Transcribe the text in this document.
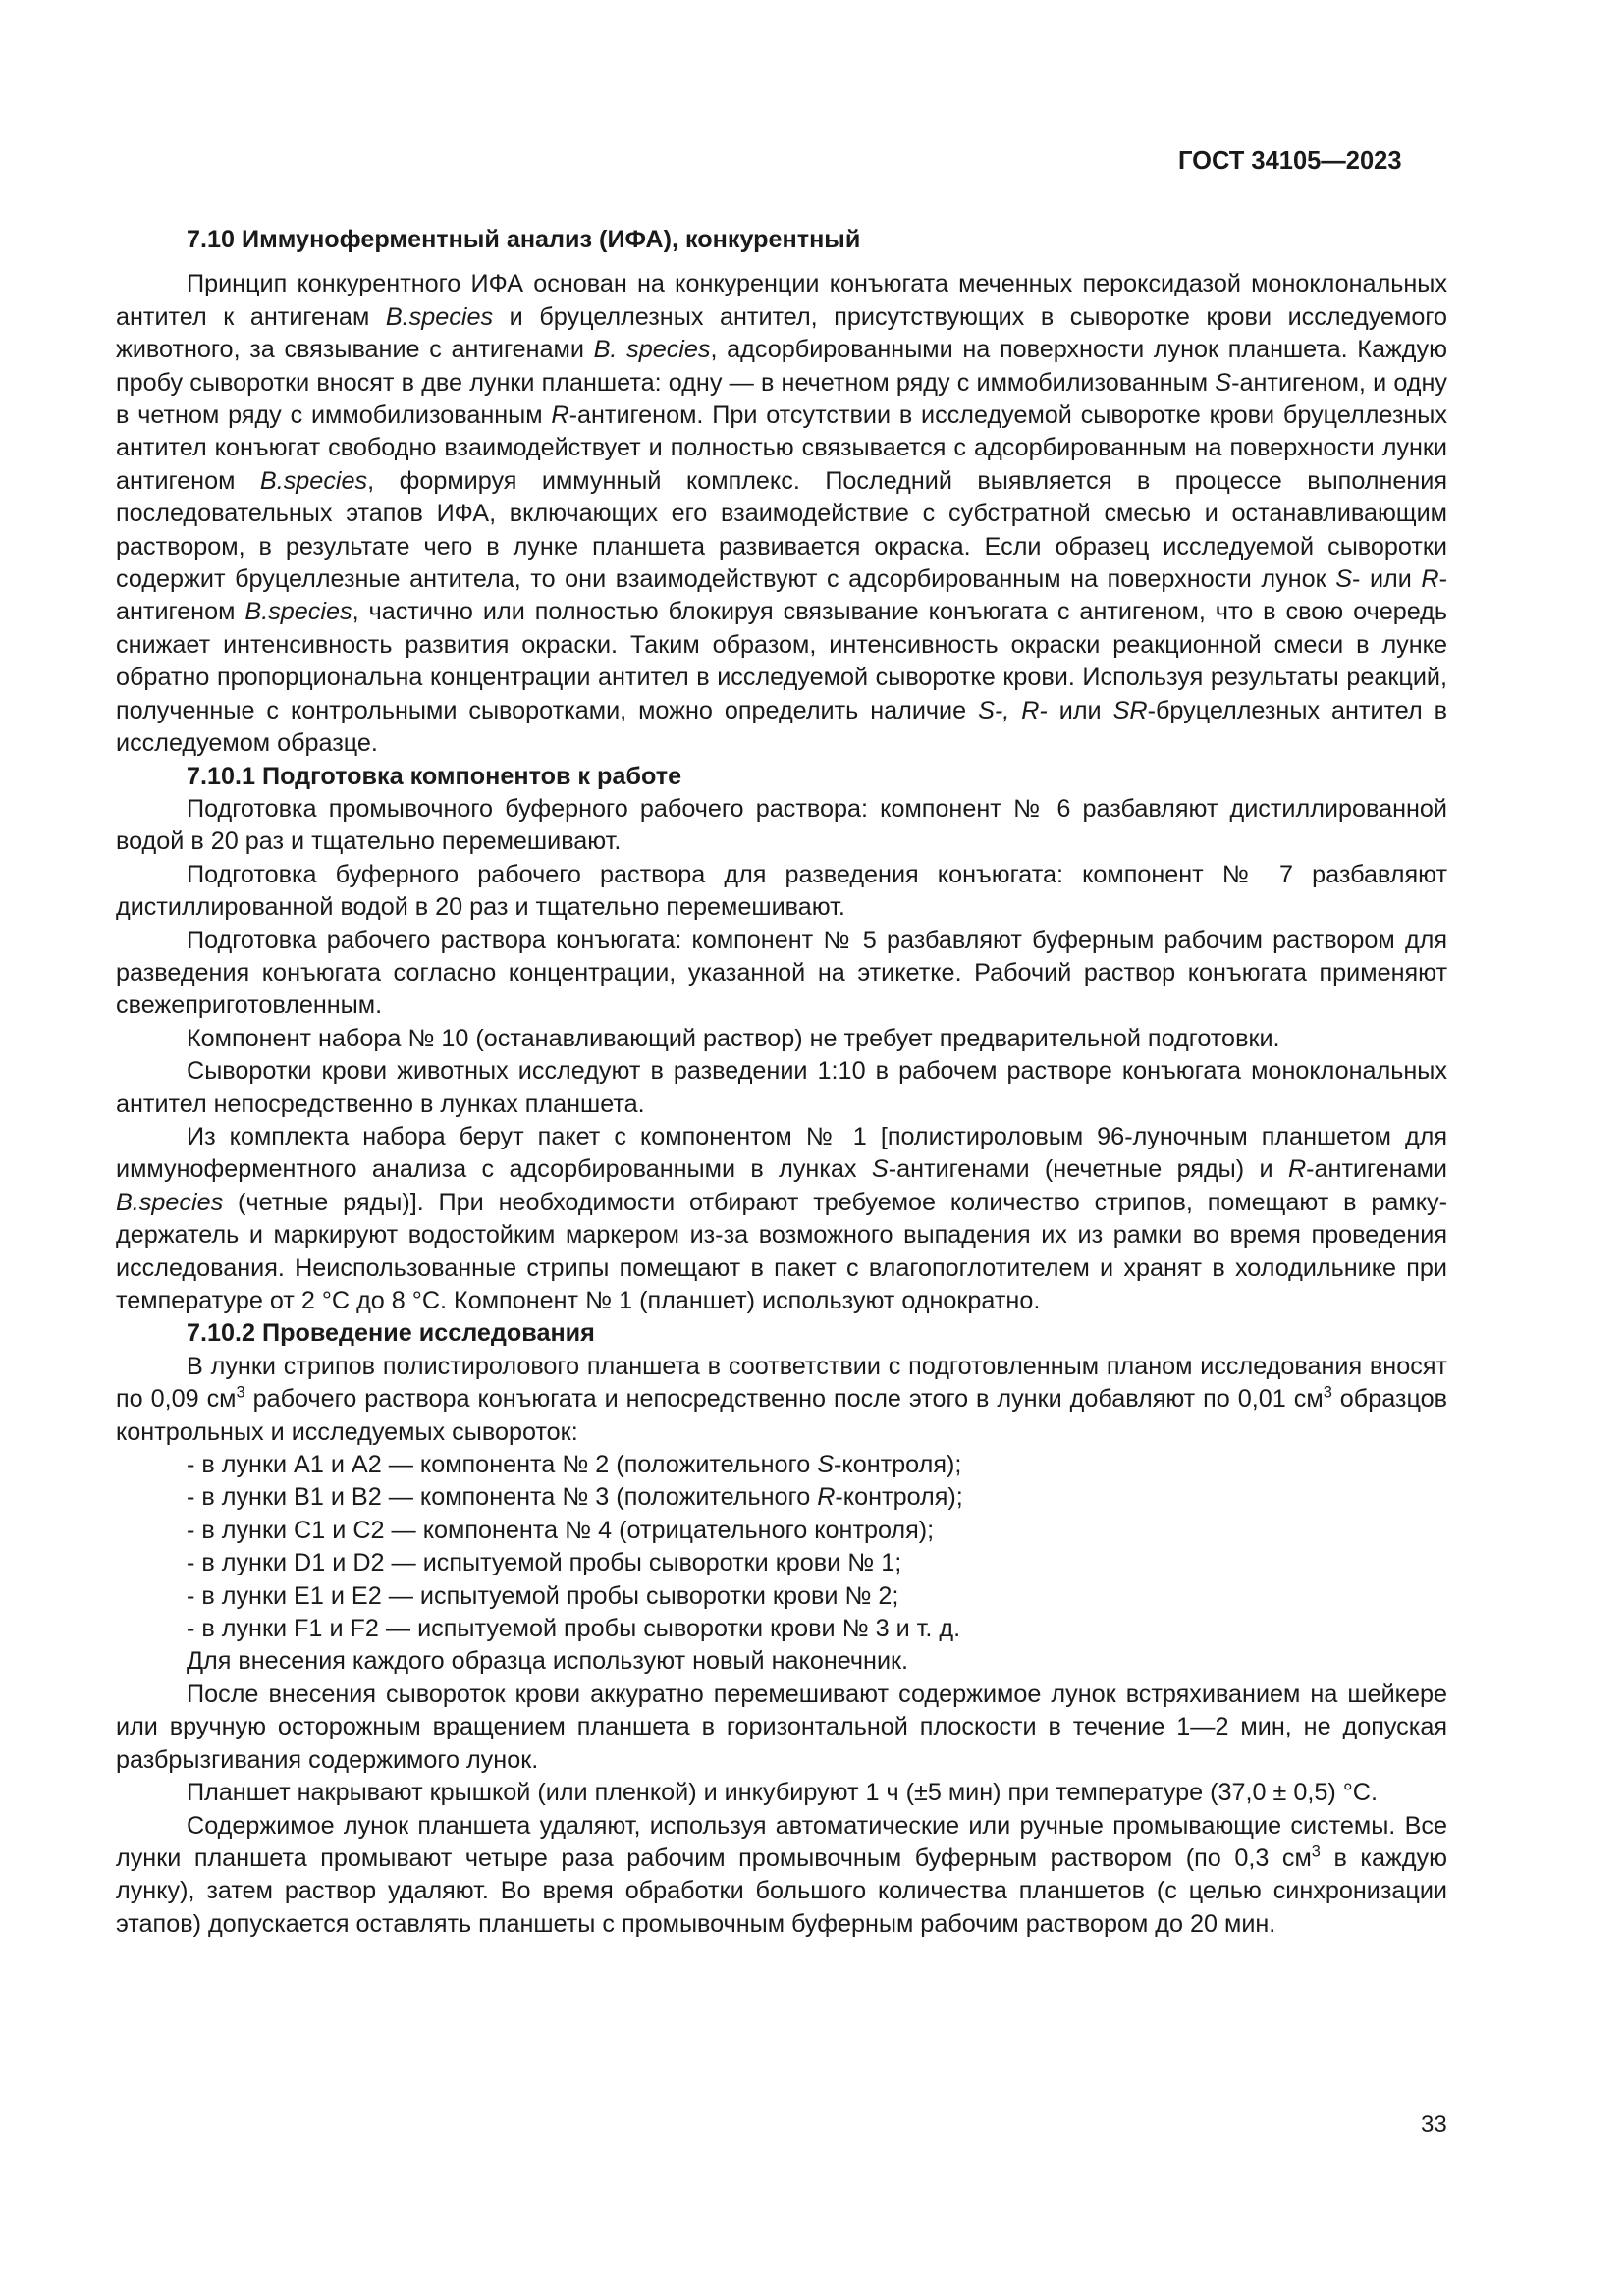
ГОСТ 34105—2023

7.10 Иммуноферментный анализ (ИФА), конкурентный

Принцип конкурентного ИФА основан на конкуренции конъюгата меченных пероксидазой моноклональных антител к антигенам B.species и бруцеллезных антител, присутствующих в сыворотке крови исследуемого животного, за связывание с антигенами B. species, адсорбированными на поверхности лунок планшета. Каждую пробу сыворотки вносят в две лунки планшета: одну — в нечетном ряду с иммобилизованным S-антигеном, и одну в четном ряду с иммобилизованным R-антигеном. При отсутствии в исследуемой сыворотке крови бруцеллезных антител конъюгат свободно взаимодействует и полностью связывается с адсорбированным на поверхности лунки антигеном B.species, формируя иммунный комплекс. Последний выявляется в процессе выполнения последовательных этапов ИФА, включающих его взаимодействие с субстратной смесью и останавливающим раствором, в результате чего в лунке планшета развивается окраска. Если образец исследуемой сыворотки содержит бруцеллезные антитела, то они взаимодействуют с адсорбированным на поверхности лунок S- или R-антигеном B.species, частично или полностью блокируя связывание конъюгата с антигеном, что в свою очередь снижает интенсивность развития окраски. Таким образом, интенсивность окраски реакционной смеси в лунке обратно пропорциональна концентрации антител в исследуемой сыворотке крови. Используя результаты реакций, полученные с контрольными сыворотками, можно определить наличие S-, R- или SR-бруцеллезных антител в исследуемом образце.

7.10.1 Подготовка компонентов к работе

Подготовка промывочного буферного рабочего раствора: компонент № 6 разбавляют дистиллированной водой в 20 раз и тщательно перемешивают.

Подготовка буферного рабочего раствора для разведения конъюгата: компонент № 7 разбавляют дистиллированной водой в 20 раз и тщательно перемешивают.

Подготовка рабочего раствора конъюгата: компонент № 5 разбавляют буферным рабочим раствором для разведения конъюгата согласно концентрации, указанной на этикетке. Рабочий раствор конъюгата применяют свежеприготовленным.

Компонент набора № 10 (останавливающий раствор) не требует предварительной подготовки.

Сыворотки крови животных исследуют в разведении 1:10 в рабочем растворе конъюгата моноклональных антител непосредственно в лунках планшета.

Из комплекта набора берут пакет с компонентом № 1 [полистироловым 96-луночным планшетом для иммуноферментного анализа с адсорбированными в лунках S-антигенами (нечетные ряды) и R-антигенами B.species (четные ряды)]. При необходимости отбирают требуемое количество стрипов, помещают в рамку-держатель и маркируют водостойким маркером из-за возможного выпадения их из рамки во время проведения исследования. Неиспользованные стрипы помещают в пакет с влагопоглотителем и хранят в холодильнике при температуре от 2 °С до 8 °С. Компонент № 1 (планшет) используют однократно.

7.10.2 Проведение исследования

В лунки стрипов полистиролового планшета в соответствии с подготовленным планом исследования вносят по 0,09 $см^3$ рабочего раствора конъюгата и непосредственно после этого в лунки добавляют по 0,01 $см^3$ образцов контрольных и исследуемых сывороток:

- в лунки А1 и А2 — компонента № 2 (положительного S-контроля);
- в лунки В1 и В2 — компонента № 3 (положительного R-контроля);
- в лунки С1 и С2 — компонента № 4 (отрицательного контроля);
- в лунки D1 и D2 — испытуемой пробы сыворотки крови № 1;
- в лунки Е1 и Е2 — испытуемой пробы сыворотки крови № 2;
- в лунки F1 и F2 — испытуемой пробы сыворотки крови № 3 и т. д.

Для внесения каждого образца используют новый наконечник.

После внесения сывороток крови аккуратно перемешивают содержимое лунок встряхиванием на шейкере или вручную осторожным вращением планшета в горизонтальной плоскости в течение 1—2 мин, не допуская разбрызгивания содержимого лунок.

Планшет накрывают крышкой (или пленкой) и инкубируют 1 ч (±5 мин) при температуре (37,0 ± 0,5) °С.

Содержимое лунок планшета удаляют, используя автоматические или ручные промывающие системы. Все лунки планшета промывают четыре раза рабочим промывочным буферным раствором (по 0,3 $см^3$ в каждую лунку), затем раствор удаляют. Во время обработки большого количества планшетов (с целью синхронизации этапов) допускается оставлять планшеты с промывочным буферным рабочим раствором до 20 мин.

33
